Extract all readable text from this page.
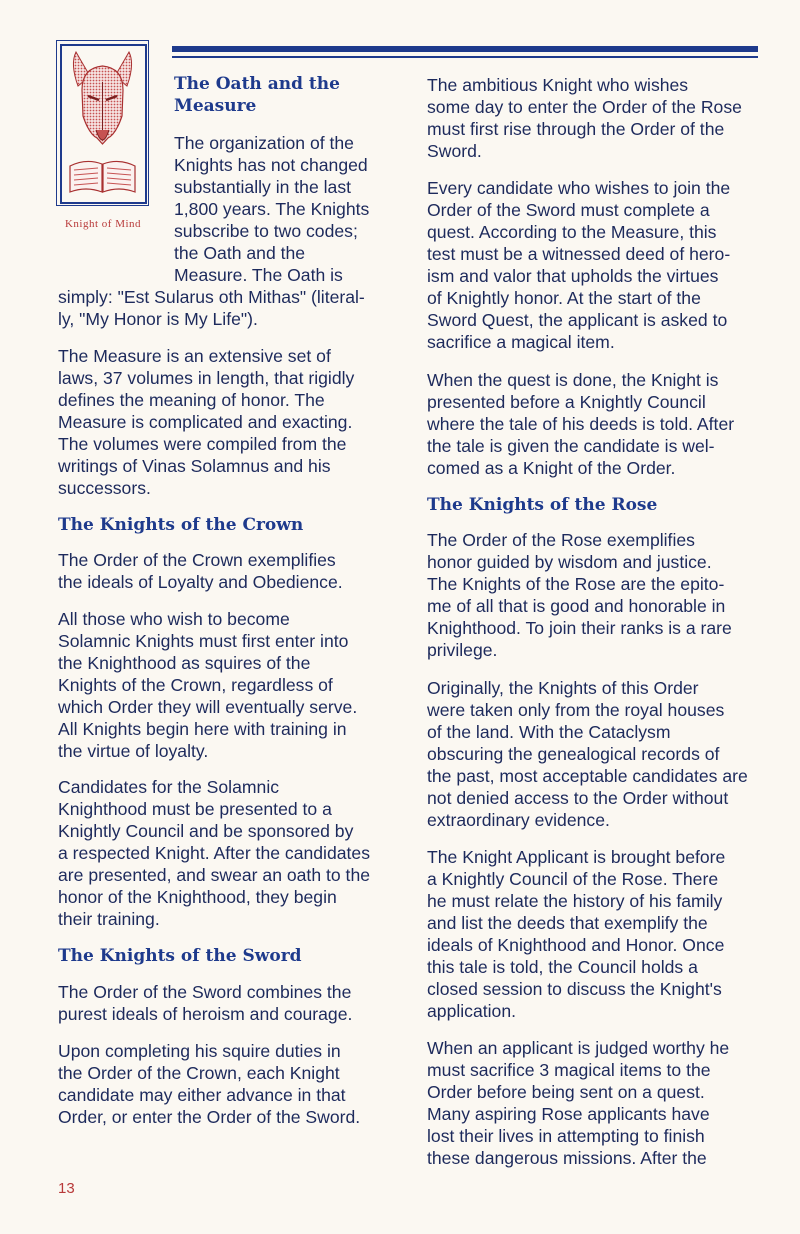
Knight of Mind
The Oath and the
Measure
The organization of the
Knights has not changed
substantially in the last
1,800 years. The Knights
subscribe to two codes;
the Oath and the
Measure. The Oath is
simply: "Est Sularus oth Mithas" (literal-
ly, "My Honor is My Life").
The Measure is an extensive set of
laws, 37 volumes in length, that rigidly
defines the meaning of honor. The
Measure is complicated and exacting.
The volumes were compiled from the
writings of Vinas Solamnus and his
successors.
The Knights of the Crown
The Order of the Crown exemplifies
the ideals of Loyalty and Obedience.
All those who wish to become
Solamnic Knights must first enter into
the Knighthood as squires of the
Knights of the Crown, regardless of
which Order they will eventually serve.
All Knights begin here with training in
the virtue of loyalty.
Candidates for the Solamnic
Knighthood must be presented to a
Knightly Council and be sponsored by
a respected Knight. After the candidates
are presented, and swear an oath to the
honor of the Knighthood, they begin
their training.
The Knights of the Sword
The Order of the Sword combines the
purest ideals of heroism and courage.
Upon completing his squire duties in
the Order of the Crown, each Knight
candidate may either advance in that
Order, or enter the Order of the Sword.
The ambitious Knight who wishes
some day to enter the Order of the Rose
must first rise through the Order of the
Sword.
Every candidate who wishes to join the
Order of the Sword must complete a
quest. According to the Measure, this
test must be a witnessed deed of hero-
ism and valor that upholds the virtues
of Knightly honor. At the start of the
Sword Quest, the applicant is asked to
sacrifice a magical item.
When the quest is done, the Knight is
presented before a Knightly Council
where the tale of his deeds is told. After
the tale is given the candidate is wel-
comed as a Knight of the Order.
The Knights of the Rose
The Order of the Rose exemplifies
honor guided by wisdom and justice.
The Knights of the Rose are the epito-
me of all that is good and honorable in
Knighthood. To join their ranks is a rare
privilege.
Originally, the Knights of this Order
were taken only from the royal houses
of the land. With the Cataclysm
obscuring the genealogical records of
the past, most acceptable candidates are
not denied access to the Order without
extraordinary evidence.
The Knight Applicant is brought before
a Knightly Council of the Rose. There
he must relate the history of his family
and list the deeds that exemplify the
ideals of Knighthood and Honor. Once
this tale is told, the Council holds a
closed session to discuss the Knight's
application.
When an applicant is judged worthy he
must sacrifice 3 magical items to the
Order before being sent on a quest.
Many aspiring Rose applicants have
lost their lives in attempting to finish
these dangerous missions. After the
13
